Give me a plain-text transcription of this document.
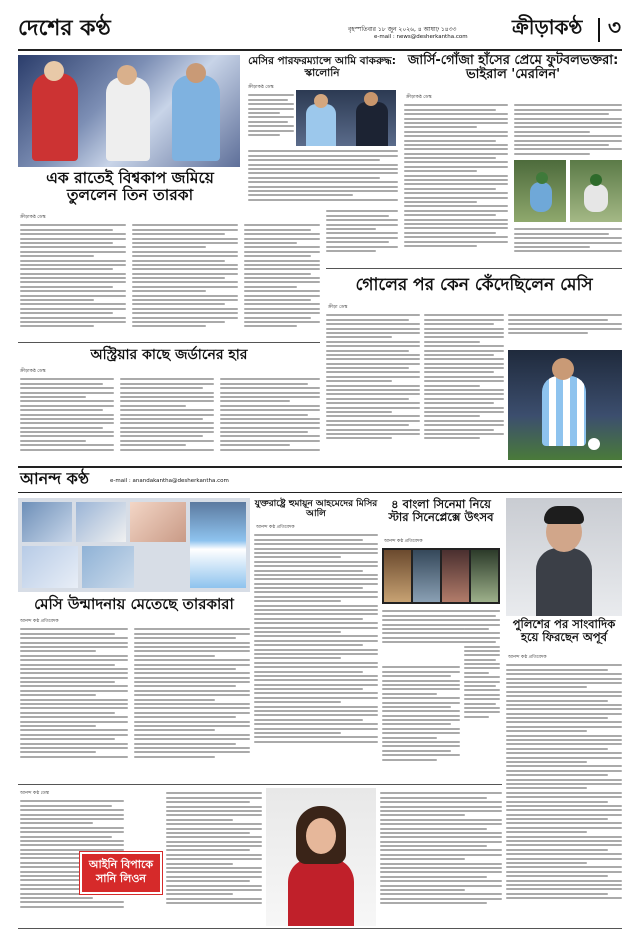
দেশের কণ্ঠ	বৃহস্পতিবার ১৮ জুন ২০২৬, ৪ আষাঢ় ১৪৩৩
e-mail : news@desherkantha.com ক্রীড়াকণ্ঠ ৩
এক রাতেই বিশ্বকাপ জমিয়ে তুললেন তিন তারকা
ক্রীড়াকণ্ঠ ডেস্ক
মেসির পারফরম্যান্সে আমি বাকরুদ্ধ: স্কালোনি
ক্রীড়াকণ্ঠ ডেস্ক
জার্সি-গোঁজা হাঁসের প্রেমে ফুটবলভক্তরা: ভাইরাল 'মেরলিন'
ক্রীড়াকণ্ঠ ডেস্ক
গোলের পর কেন কেঁদেছিলেন মেসি
ক্রীড়া ডেস্ক
অস্ট্রিয়ার কাছে জর্ডানের হার
ক্রীড়াকণ্ঠ ডেস্ক
আনন্দ কণ্ঠ	e-mail : anandakantha@desherkantha.com
মেসি উন্মাদনায় মেতেছে তারকারা
আনন্দ কণ্ঠ প্রতিবেদক
যুক্তরাষ্ট্রে হুমায়ূন আহমেদের মিসির আলি
আনন্দ কণ্ঠ প্রতিবেদক
৪ বাংলা সিনেমা নিয়ে স্টার সিনেপ্লেক্সে উৎসব
আনন্দ কণ্ঠ প্রতিবেদক
পুলিশের পর সাংবাদিক হয়ে ফিরছেন অপূর্ব
আনন্দ কণ্ঠ প্রতিবেদক
আনন্দ কণ্ঠ ডেস্ক
আইনি বিপাকে সানি লিওন
